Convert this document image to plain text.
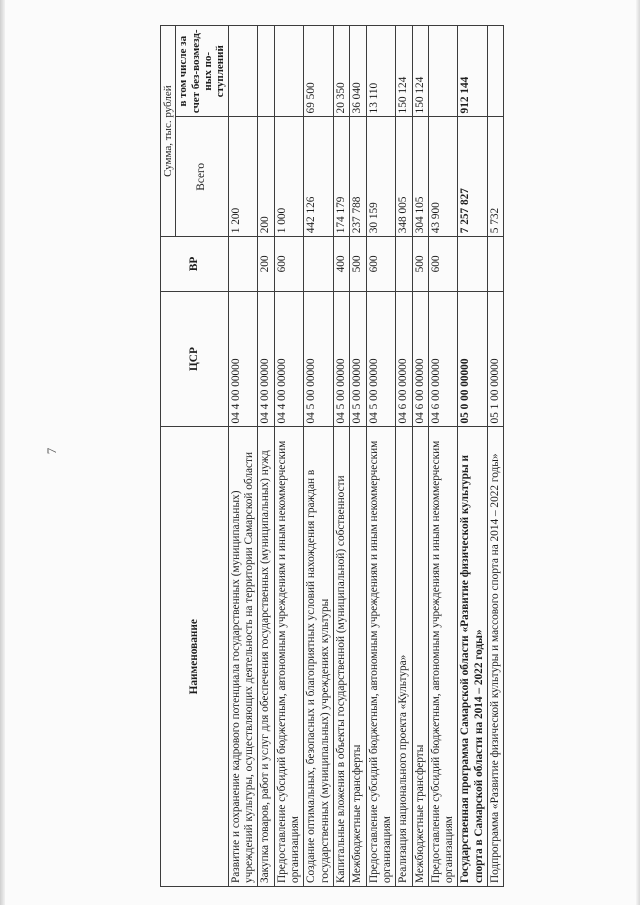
7
Наименование	ЦСР	ВР	Сумма, тыс. рублей	
			Всего	в том числе за счет без-возмезд-ных по-ступлений
Развитие и сохранение кадрового потенциала государственных (муниципальных) учреждений культуры, осуществляющих деятельность на территории Самарской области	04 4 00 00000		1 200	
Закупка товаров, работ и услуг для обеспечения государственных (муниципальных) нужд	04 4 00 00000	200	200	
Предоставление субсидий бюджетным, автономным учреждениям и иным некоммерческим организациям	04 4 00 00000	600	1 000	
Создание оптимальных, безопасных и благоприятных условий нахождения граждан в государственных (муниципальных) учреждениях культуры	04 5 00 00000		442 126	69 500
Капитальные вложения в объекты государственной (муниципальной) собственности	04 5 00 00000	400	174 179	20 350
Межбюджетные трансферты	04 5 00 00000	500	237 788	36 040
Предоставление субсидий бюджетным, автономным учреждениям и иным некоммерческим организациям	04 5 00 00000	600	30 159	13 110
Реализация национального проекта «Культура»	04 6 00 00000		348 005	150 124
Межбюджетные трансферты	04 6 00 00000	500	304 105	150 124
Предоставление субсидий бюджетным, автономным учреждениям и иным некоммерческим организациям	04 6 00 00000	600	43 900	
Государственная программа Самарской области «Развитие физической культуры и спорта в Самарской области на 2014 – 2022 годы»	05 0 00 00000		7 257 827	912 144
Подпрограмма «Развитие физической культуры и массового спорта на 2014 – 2022 годы»	05 1 00 00000		5 732	
